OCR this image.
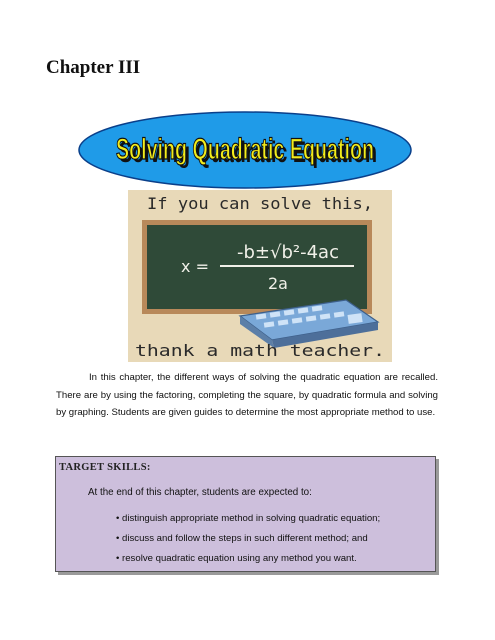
Chapter III
Solving Quadratic Equation
Solving Quadratic Equation
If you can solve this,
-b±√b²-4ac
x =
2a
thank a math teacher.

In this chapter, the different ways of solving the quadratic equation are recalled. There are by using the factoring, completing the square, by quadratic formula and solving by graphing. Students are given guides to determine the most appropriate method to use.

TARGET SKILLS:

At the end of this chapter, students are expected to:

• distinguish appropriate method in solving quadratic equation;
• discuss and follow the steps in such different method; and
• resolve quadratic equation using any method you want.
